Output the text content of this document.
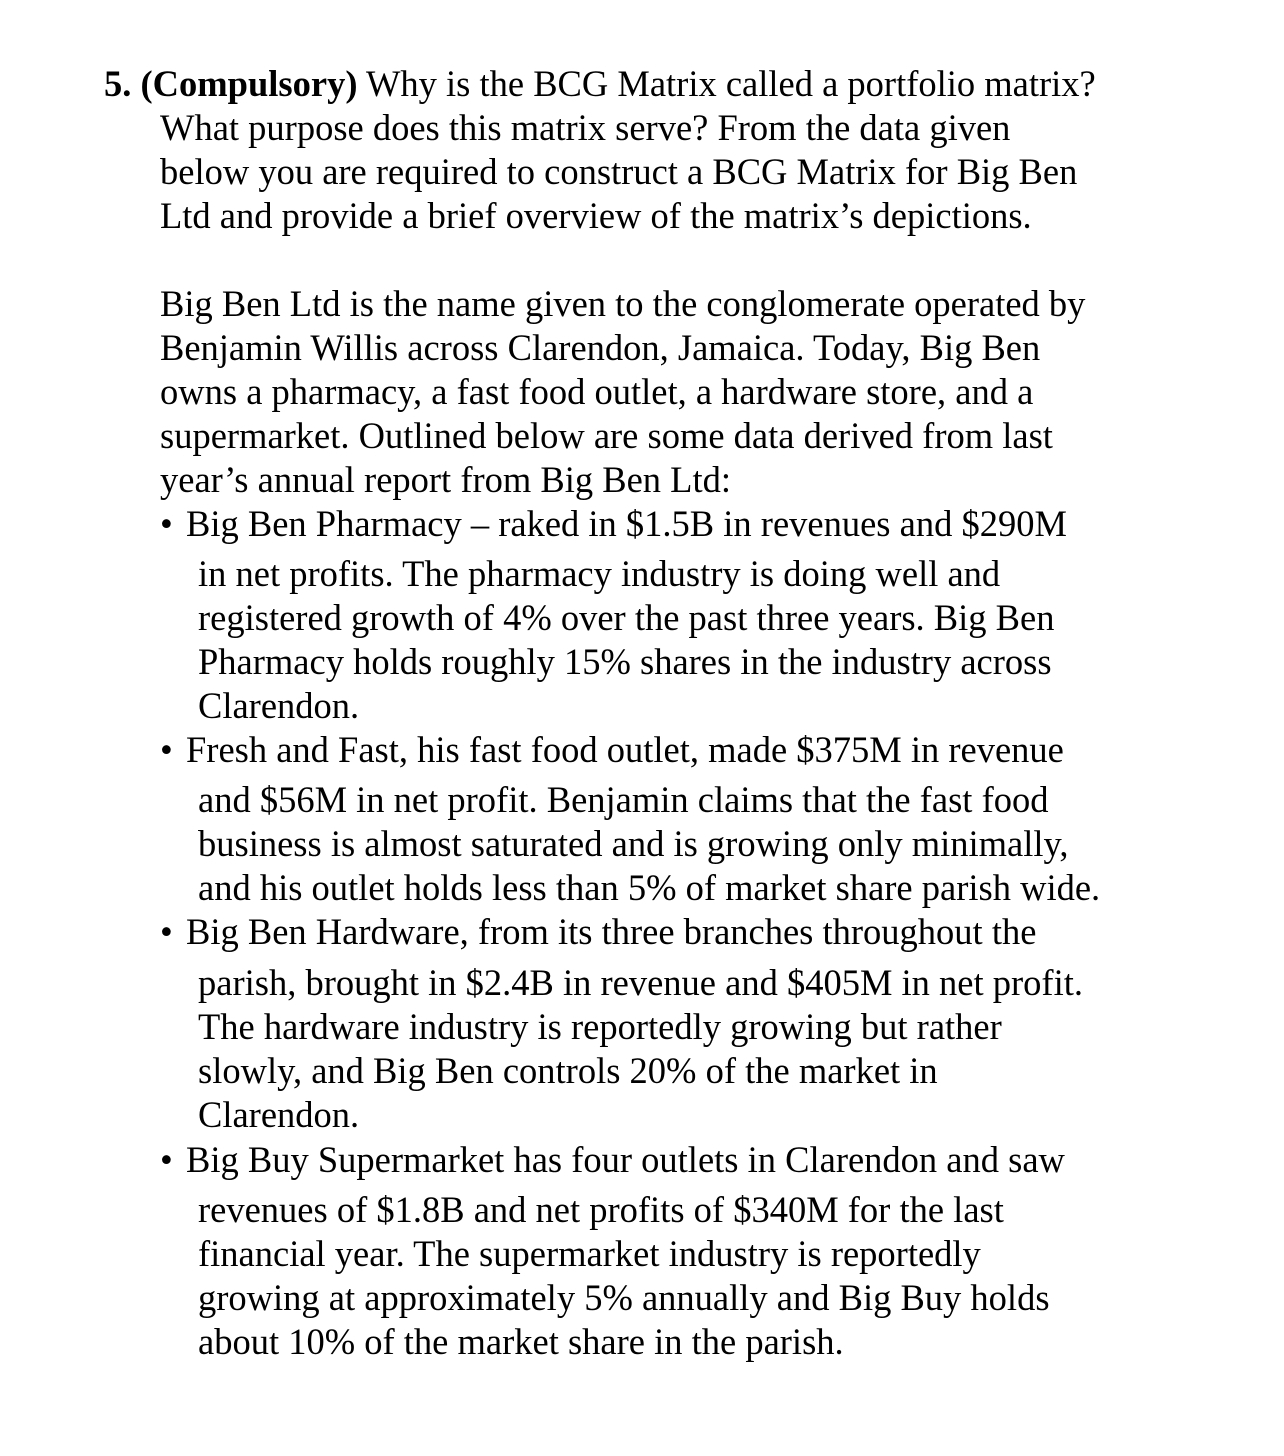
5. (Compulsory) Why is the BCG Matrix called a portfolio matrix?

What purpose does this matrix serve? From the data given

below you are required to construct a BCG Matrix for Big Ben

Ltd and provide a brief overview of the matrix’s depictions.

Big Ben Ltd is the name given to the conglomerate operated by

Benjamin Willis across Clarendon, Jamaica. Today, Big Ben

owns a pharmacy, a fast food outlet, a hardware store, and a

supermarket. Outlined below are some data derived from last

year’s annual report from Big Ben Ltd:

• Big Ben Pharmacy – raked in $1.5B in revenues and $290M

in net profits. The pharmacy industry is doing well and

registered growth of 4% over the past three years. Big Ben

Pharmacy holds roughly 15% shares in the industry across

Clarendon.

• Fresh and Fast, his fast food outlet, made $375M in revenue

and $56M in net profit. Benjamin claims that the fast food

business is almost saturated and is growing only minimally,

and his outlet holds less than 5% of market share parish wide.

• Big Ben Hardware, from its three branches throughout the

parish, brought in $2.4B in revenue and $405M in net profit.

The hardware industry is reportedly growing but rather

slowly, and Big Ben controls 20% of the market in

Clarendon.

• Big Buy Supermarket has four outlets in Clarendon and saw

revenues of $1.8B and net profits of $340M for the last

financial year. The supermarket industry is reportedly

growing at approximately 5% annually and Big Buy holds

about 10% of the market share in the parish.
